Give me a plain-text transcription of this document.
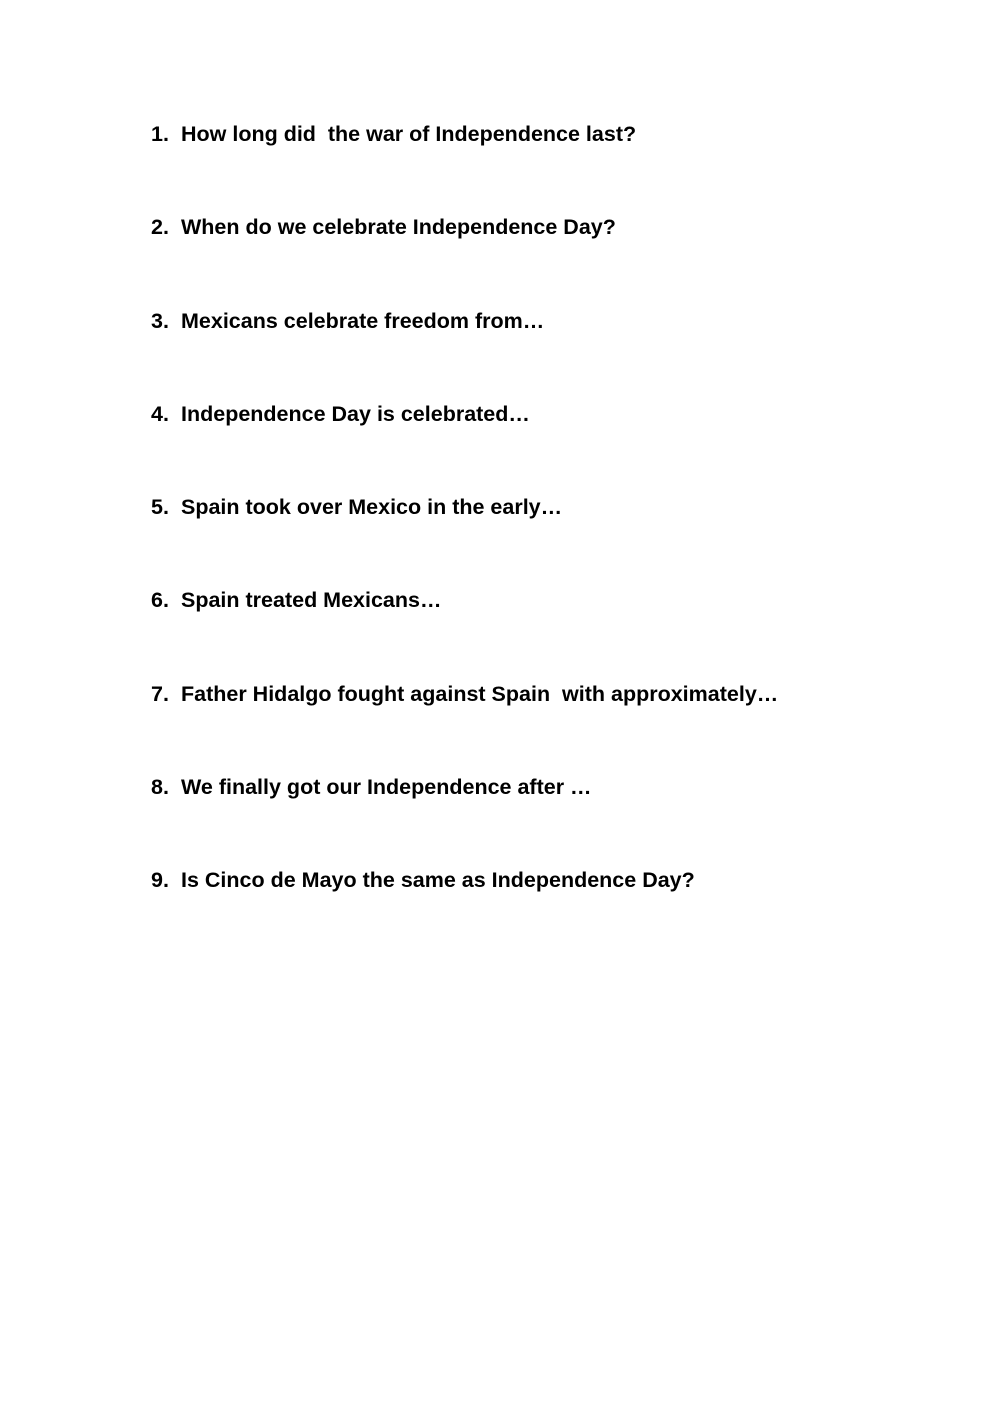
1. How long did  the war of Independence last?
2. When do we celebrate Independence Day?
3. Mexicans celebrate freedom from…
4. Independence Day is celebrated…
5. Spain took over Mexico in the early…
6. Spain treated Mexicans…
7. Father Hidalgo fought against Spain  with approximately…
8. We finally got our Independence after …
9. Is Cinco de Mayo the same as Independence Day?
